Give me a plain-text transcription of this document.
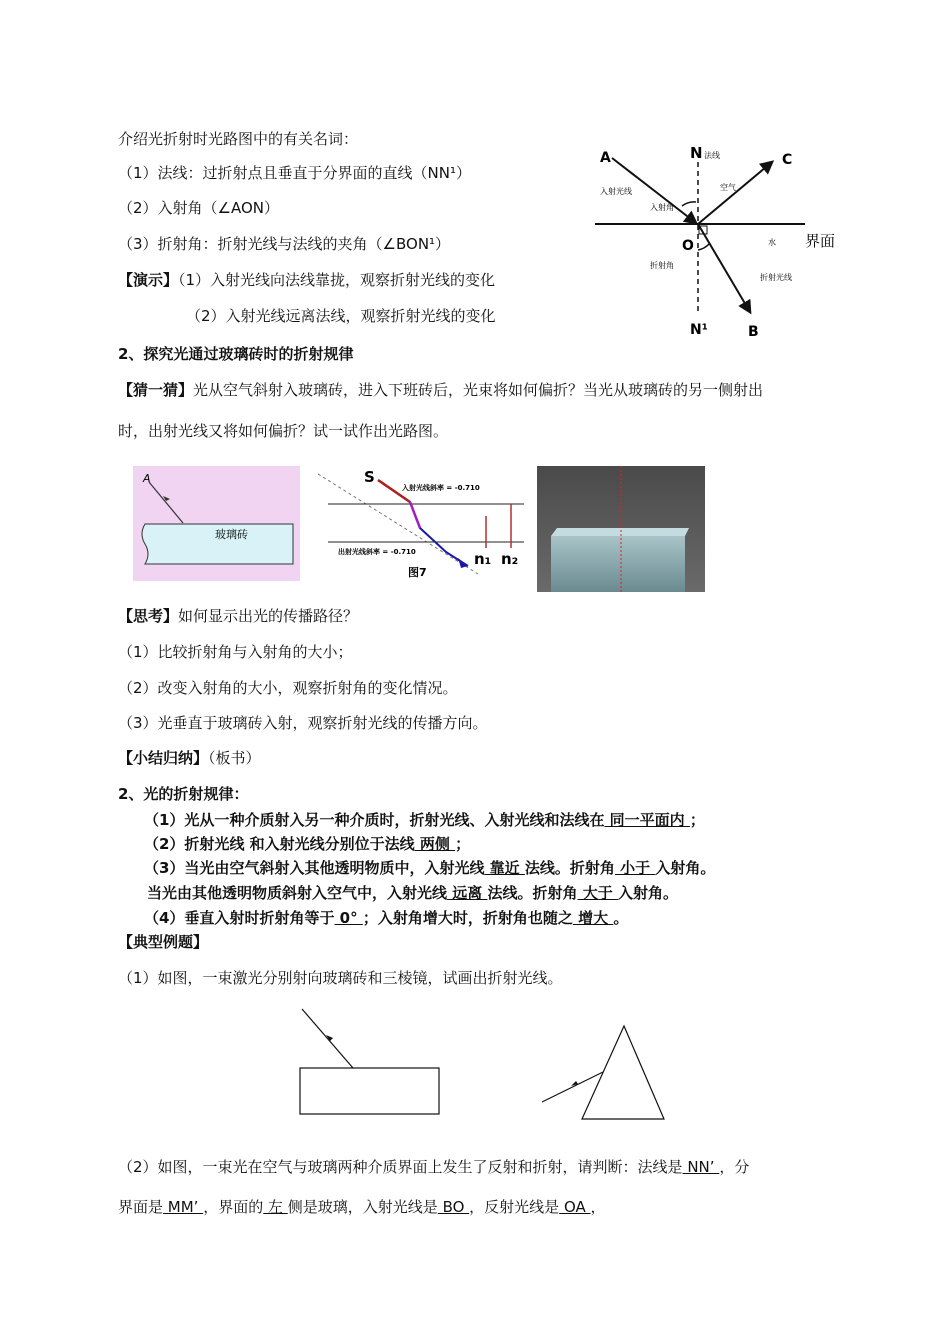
介绍光折射时光路图中的有关名词：
（1）法线：过折射点且垂直于分界面的直线（NN¹）
（2）入射角（∠AON）
（3）折射角：折射光线与法线的夹角（∠BON¹）
【演示】（1）入射光线向法线靠拢，观察折射光线的变化
（2）入射光线远离法线，观察折射光线的变化
A	N 法线	C
入射光线	空气
O	界面
水
折射角
入射角
折射光线
N¹	B
2、探究光通过玻璃砖时的折射规律
【猜一猜】光从空气斜射入玻璃砖，进入下班砖后，光束将如何偏折？当光从玻璃砖的另一侧射出
时，出射光线又将如何偏折？试一试作出光路图。
A
玻璃砖
S
入射光线斜率 = -0.710
出射光线斜率 = -0.710	n₁ n₂
图7
【思考】如何显示出光的传播路径？
（1）比较折射角与入射角的大小；
（2）改变入射角的大小，观察折射角的变化情况。
（3）光垂直于玻璃砖入射，观察折射光线的传播方向。
【小结归纳】（板书）
2、光的折射规律：
（1）光从一种介质射入另一种介质时，折射光线、入射光线和法线在 同一平面内 ；
（2）折射光线 和入射光线分别位于法线 两侧 ；
（3）当光由空气斜射入其他透明物质中，入射光线 靠近 法线。折射角 小于 入射角。
当光由其他透明物质斜射入空气中，入射光线 远离 法线。折射角 大于 入射角。
（4）垂直入射时折射角等于 0° ；入射角增大时，折射角也随之 增大 。
【典型例题】
（1）如图，一束激光分别射向玻璃砖和三棱镜，试画出折射光线。
（2）如图，一束光在空气与玻璃两种介质界面上发生了反射和折射，请判断：法线是 NN’ ，分
界面是 MM’ ，界面的 左 侧是玻璃，入射光线是 BO ，反射光线是 OA ，
